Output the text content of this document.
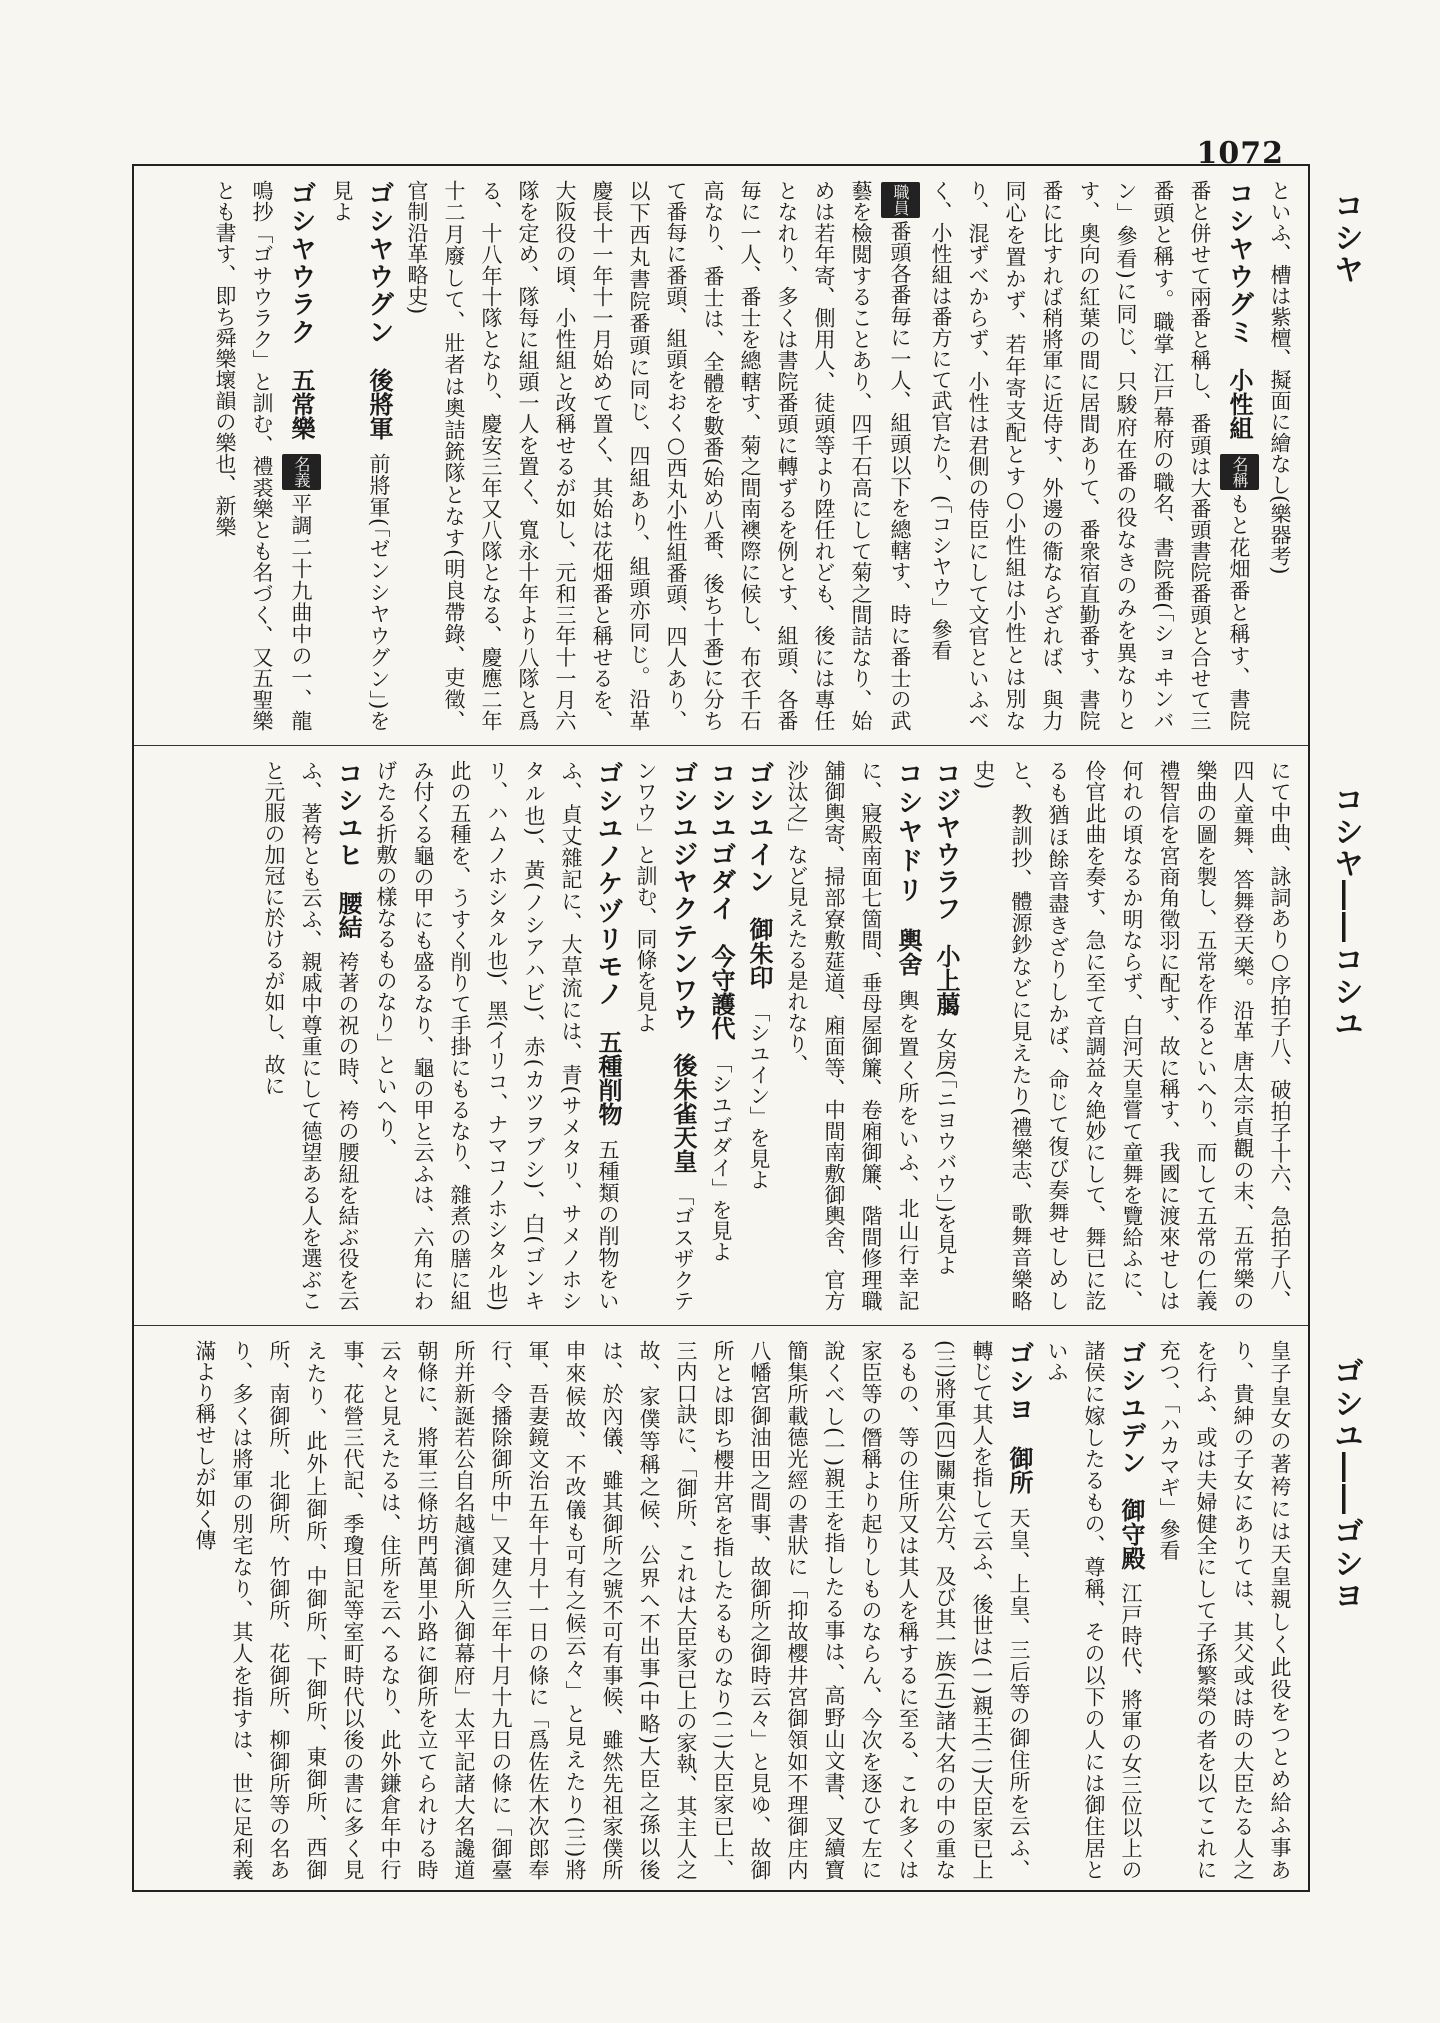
1072
コシヤ
コシヤ――コシユ
ゴシユ――ゴシヨ

といふ、槽は紫檀、擬面に繪なし(樂器考)

コシヤウグミ小性組名稱もと花畑番と稱す、書院番と併せて兩番と稱し、番頭は大番頭書院番頭と合せて三番頭と稱す。職掌 江戸幕府の職名、書院番(「ショヰンバン」參看)に同じ、只駿府在番の役なきのみを異なりとす、奧向の紅葉の間に居間ありて、番衆宿直勤番す、書院番に比すれば稍將軍に近侍す、外邊の衞ならざれば、與力同心を置かず、若年寄支配とす○小性組は小性とは別なり、混ずべからず、小性は君側の侍臣にして文官といふべく、小性組は番方にて武官たり、(「コシヤウ」參看

職員番頭各番毎に一人、組頭以下を總轄す、時に番士の武藝を檢閲することあり、四千石高にして菊之間詰なり、始めは若年寄、側用人、徒頭等より陞任れども、後には專任となれり、多くは書院番頭に轉ずるを例とす、組頭、各番毎に一人、番士を總轄す、菊之間南襖際に候し、布衣千石高なり、番士は、全體を數番(始め八番、後ち十番)に分ちて番每に番頭、組頭をおく○西丸小性組番頭、四人あり、以下西丸書院番頭に同じ、四組あり、組頭亦同じ。沿革 慶長十一年十一月始めて置く、其始は花畑番と稱せるを、大阪役の頃、小性組と改稱せるが如し、元和三年十一月六隊を定め、隊每に組頭一人を置く、寬永十年より八隊と爲る、十八年十隊となり、慶安三年又八隊となる、慶應二年十二月廢して、壯者は奧詰銃隊となす(明良帶錄、吏徵、官制沿革略史)

ゴシヤウグン後將軍前將軍(「ゼンシヤウグン」)を見よ

ゴシヤウラク五常樂名義平調二十九曲中の一、龍鳴抄「ゴサウラク」と訓む、禮裘樂とも名づく、又五聖樂とも書す、即ち舜樂壞韻の樂也、新樂

にて中曲、詠詞あり○序拍子八、破拍子十六、急拍子八、四人童舞、答舞登天樂。沿革 唐太宗貞觀の末、五常樂の樂曲の圖を製し、五常を作るといへり、而して五常の仁義禮智信を宮商角徵羽に配す、故に稱す、我國に渡來せしは何れの頃なるか明ならず、白河天皇嘗て童舞を覽給ふに、伶官此曲を奏す、急に至て音調益々絶妙にして、舞已に訖るも猶ほ餘音盡きざりしかば、命じて復び奏舞せしめしと、教訓抄、體源鈔などに見えたり(禮樂志、歌舞音樂略史)

コジヤウラフ小上﨟女房(「ニヨウバウ」)を見よ

コシヤドリ輿舍輿を置く所をいふ、北山行幸記に、寢殿南面七箇間、垂母屋御簾、卷廂御簾、階間修理職舖御輿寄、掃部寮敷莚道、廂面等、中間南敷御輿舍、官方沙汰之」など見えたる是れなり、

ゴシユイン御朱印「シユイン」を見よ

コシユゴダイ今守護代「シユゴダイ」を見よ

ゴシユジヤクテンワウ後朱雀天皇「ゴスザクテンワウ」と訓む、同條を見よ

ゴシユノケヅリモノ五種削物五種類の削物をいふ、貞丈雜記に、大草流には、青(サメタリ、サメノホシタル也)、黃(ノシアハビ)、赤(カツヲブシ)、白(ゴンキリ、ハムノホシタル也)、黑(イリコ、ナマコノホシタル也)此の五種を、うすく削りて手掛にもるなり、雜煮の膳に組み付くる龜の甲にも盛るなり、龜の甲と云ふは、六角にわげたる折敷の樣なるものなり」といへり、

コシユヒ腰結袴著の祝の時、袴の腰紐を結ぶ役を云ふ、著袴とも云ふ、親戚中尊重にして德望ある人を選ぶこと元服の加冠に於けるが如し、故に

皇子皇女の著袴には天皇親しく此役をつとめ給ふ事あり、貴紳の子女にありては、其父或は時の大臣たる人之を行ふ、或は夫婦健全にして子孫繁榮の者を以てこれに充つ、「ハカマギ」參看

ゴシユデン御守殿江戸時代、將軍の女三位以上の諸侯に嫁したるもの、尊稱、その以下の人には御住居といふ

ゴシヨ御所天皇、上皇、三后等の御住所を云ふ、轉じて其人を指して云ふ、後世は(一)親王(二)大臣家已上(三)將軍(四)關東公方、及び其一族(五)諸大名の中の重なるもの、等の住所又は其人を稱するに至る、これ多くは家臣等の僭稱より起りしものならん、今次を逐ひて左に說くべし(一)親王を指したる事は、高野山文書、叉續寶簡集所載德光經の書狀に「抑故櫻井宮御領如不理御庄内八幡宮御油田之間事、故御所之御時云々」と見ゆ、故御所とは即ち櫻井宮を指したるものなり(二)大臣家已上、三内口訣に、「御所、これは大臣家已上の家執、其主人之故、家僕等稱之候、公界へ不出事(中略)大臣之孫以後は、於內儀、雖其御所之號不可有事候、雖然先祖家僕所申來候故、不改儀も可有之候云々」と見えたり(三)將軍、吾妻鏡文治五年十月十一日の條に「爲佐佐木次郎奉行、令播除御所中」又建久三年十月十九日の條に「御臺所并新誕若公自名越濱御所入御幕府」太平記諸大名讒道朝條に、將軍三條坊門萬里小路に御所を立てられける時云々と見えたるは、住所を云へるなり、此外鎌倉年中行事、花營三代記、季瓊日記等室町時代以後の書に多く見えたり、此外上御所、中御所、下御所、東御所、西御所、南御所、北御所、竹御所、花御所、柳御所等の名あり、多くは將軍の別宅なり、其人を指すは、世に足利義滿より稱せしが如く傳
